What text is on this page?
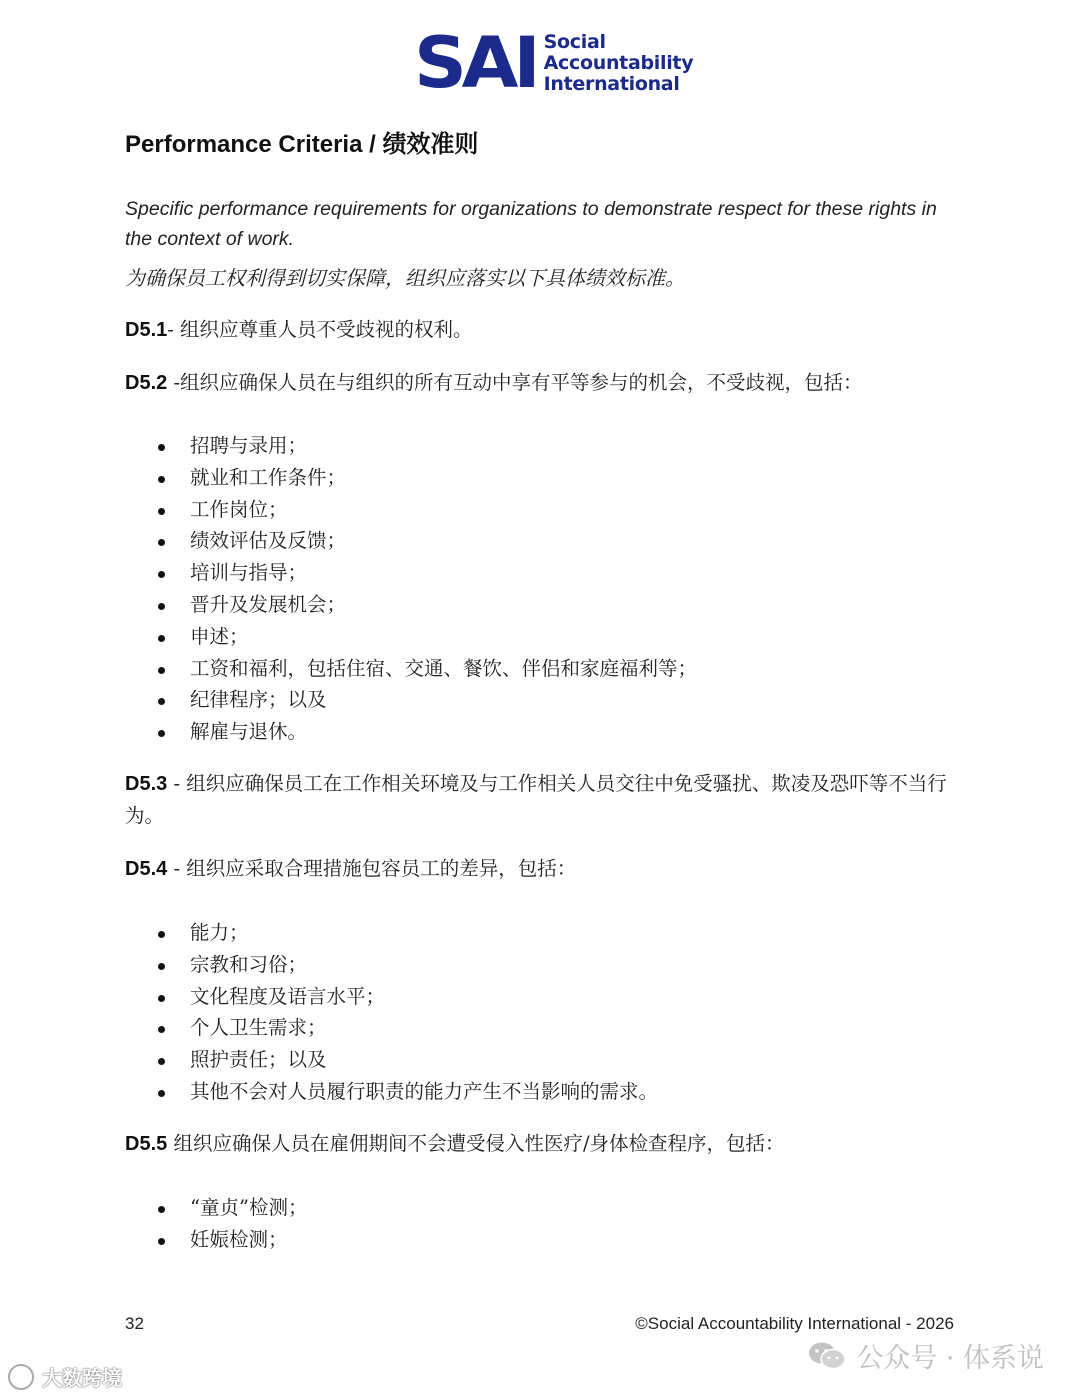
SAI Social
Accountability
International
Performance Criteria / 绩效准则
Specific performance requirements for organizations to demonstrate respect for these rights in the context of work.
为确保员工权利得到切实保障，组织应落实以下具体绩效标准。
D5.1- 组织应尊重人员不受歧视的权利。
D5.2 -组织应确保人员在与组织的所有互动中享有平等参与的机会，不受歧视，包括：
招聘与录用；
就业和工作条件；
工作岗位；
绩效评估及反馈；
培训与指导；
晋升及发展机会；
申述；
工资和福利，包括住宿、交通、餐饮、伴侣和家庭福利等；
纪律程序；以及
解雇与退休。
D5.3 - 组织应确保员工在工作相关环境及与工作相关人员交往中免受骚扰、欺凌及恐吓等不当行为。
D5.4 - 组织应采取合理措施包容员工的差异，包括：
能力；
宗教和习俗；
文化程度及语言水平；
个人卫生需求；
照护责任；以及
其他不会对人员履行职责的能力产生不当影响的需求。
D5.5 组织应确保人员在雇佣期间不会遭受侵入性医疗/身体检查程序，包括：
“童贞”检测；
妊娠检测；
32	©Social Accountability International - 2026
大数跨境
公众号 · 体系说
